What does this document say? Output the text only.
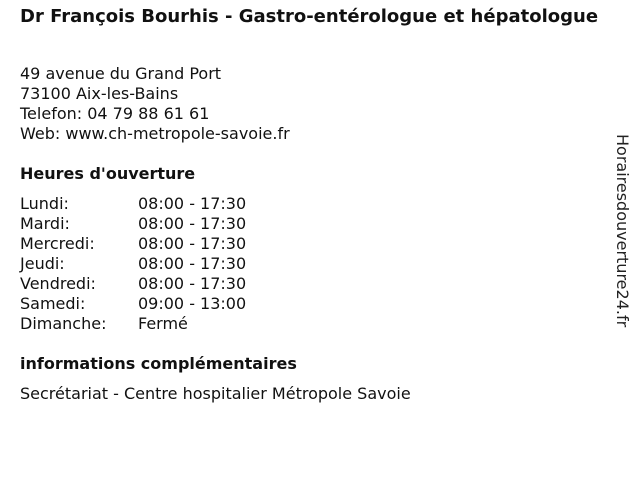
Dr François Bourhis - Gastro-entérologue et hépatologue
49 avenue du Grand Port
73100 Aix-les-Bains
Telefon: 04 79 88 61 61
Web: www.ch-metropole-savoie.fr
Heures d'ouverture
Lundi:	08:00 - 17:30
Mardi:	08:00 - 17:30
Mercredi:	08:00 - 17:30
Jeudi:	08:00 - 17:30
Vendredi:	08:00 - 17:30
Samedi:	09:00 - 13:00
Dimanche: Fermé
informations complémentaires
Secrétariat - Centre hospitalier Métropole Savoie
Horairesdouverture24.fr
